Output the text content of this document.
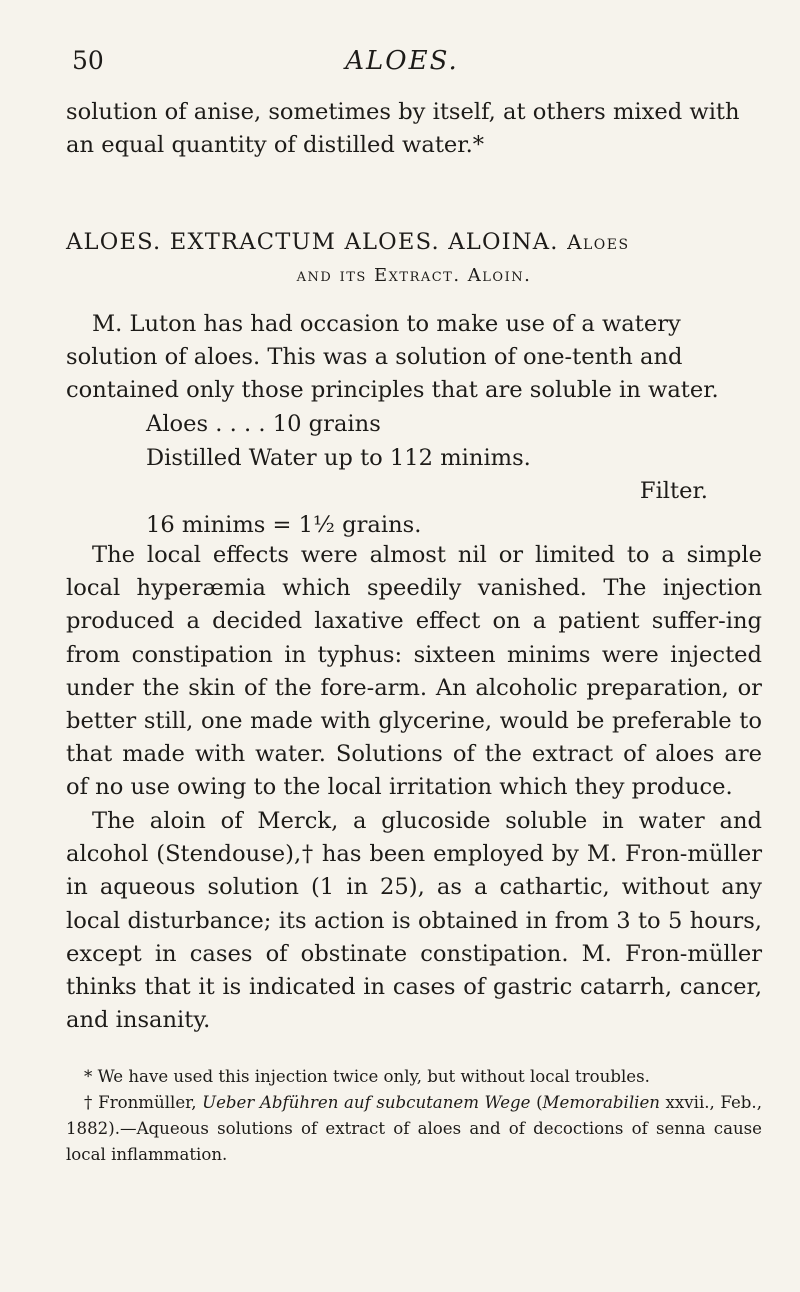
50	ALOES.
solution of anise, sometimes by itself, at others mixed with
an equal quantity of distilled water.*
ALOES. EXTRACTUM ALOES. ALOINA. Aloes
and its Extract. Aloin.
M. Luton has had occasion to make use of a watery solution of aloes. This was a solution of one-tenth and contained only those principles that are soluble in water.
Aloes . . . . 10 grains
Distilled Water up to 112 minims.
Filter.
16 minims = 1½ grains.
The local effects were almost nil or limited to a simple local hyperæmia which speedily vanished. The injection produced a decided laxative effect on a patient suffer-ing from constipation in typhus: sixteen minims were injected under the skin of the fore-arm. An alcoholic preparation, or better still, one made with glycerine, would be preferable to that made with water. Solutions of the extract of aloes are of no use owing to the local irritation which they produce.
The aloin of Merck, a glucoside soluble in water and alcohol (Stendouse),† has been employed by M. Fron-müller in aqueous solution (1 in 25), as a cathartic, without any local disturbance; its action is obtained in from 3 to 5 hours, except in cases of obstinate constipation. M. Fron-müller thinks that it is indicated in cases of gastric catarrh, cancer, and insanity.
* We have used this injection twice only, but without local troubles.
† Fronmüller, Ueber Abführen auf subcutanem Wege (Memorabilien xxvii., Feb., 1882).—Aqueous solutions of extract of aloes and of decoctions of senna cause local inflammation.
